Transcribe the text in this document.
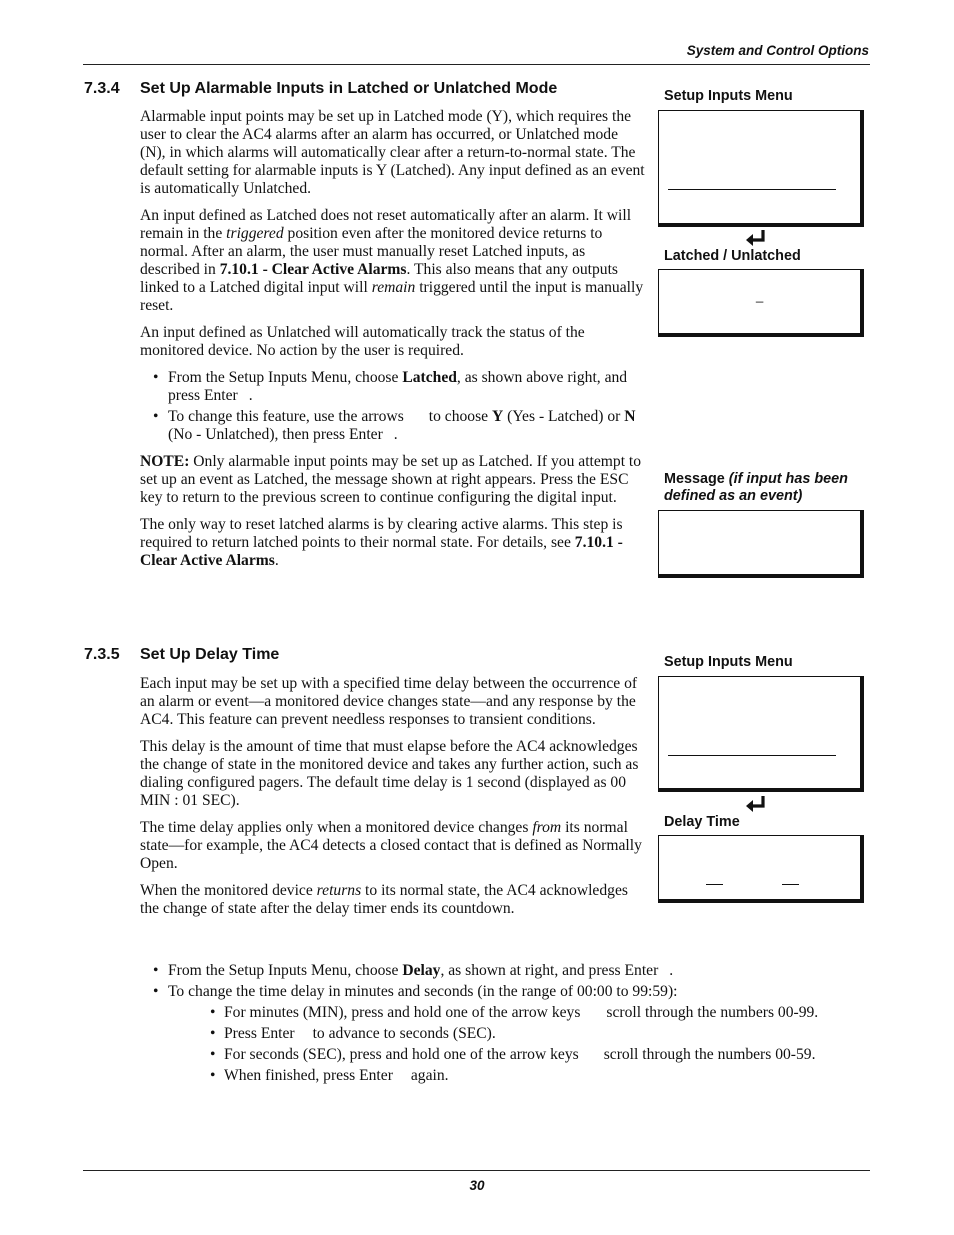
System and Control Options
7.3.4 Set Up Alarmable Inputs in Latched or Unlatched Mode

Alarmable input points may be set up in Latched mode (Y), which requires the user to clear the AC4 alarms after an alarm has occurred, or Unlatched mode (N), in which alarms will automatically clear after a return-to-normal state. The default setting for alarmable inputs is Y (Latched). Any input defined as an event is automatically Unlatched.

An input defined as Latched does not reset automatically after an alarm. It will remain in the triggered position even after the monitored device returns to normal. After an alarm, the user must manually reset Latched inputs, as described in 7.10.1 - Clear Active Alarms. This also means that any outputs linked to a Latched digital input will remain triggered until the input is manually reset.

An input defined as Unlatched will automatically track the status of the monitored device. No action by the user is required.

• From the Setup Inputs Menu, choose Latched, as shown above right, and press Enter .
• To change this feature, use the arrows to choose Y (Yes - Latched) or N (No - Unlatched), then press Enter .

NOTE: Only alarmable input points may be set up as Latched. If you attempt to set up an event as Latched, the message shown at right appears. Press the ESC key to return to the previous screen to continue configuring the digital input.

The only way to reset latched alarms is by clearing active alarms. This step is required to return latched points to their normal state. For details, see 7.10.1 - Clear Active Alarms.

Setup Inputs Menu
Latched / Unlatched
_
Message (if input has been defined as an event)
7.3.5 Set Up Delay Time

Each input may be set up with a specified time delay between the occurrence of an alarm or event—a monitored device changes state—and any response by the AC4. This feature can prevent needless responses to transient conditions.

This delay is the amount of time that must elapse before the AC4 acknowledges the change of state in the monitored device and takes any further action, such as dialing configured pagers. The default time delay is 1 second (displayed as 00 MIN : 01 SEC).

The time delay applies only when a monitored device changes from its normal state—for example, the AC4 detects a closed contact that is defined as Normally Open.

When the monitored device returns to its normal state, the AC4 acknowledges the change of state after the delay timer ends its countdown.

• From the Setup Inputs Menu, choose Delay, as shown at right, and press Enter .
• To change the time delay in minutes and seconds (in the range of 00:00 to 99:59):
• For minutes (MIN), press and hold one of the arrow keys scroll through the numbers 00-99.
• Press Enter to advance to seconds (SEC).
• For seconds (SEC), press and hold one of the arrow keys scroll through the numbers 00-59.
• When finished, press Enter again.
Setup Inputs Menu
Delay Time
30
